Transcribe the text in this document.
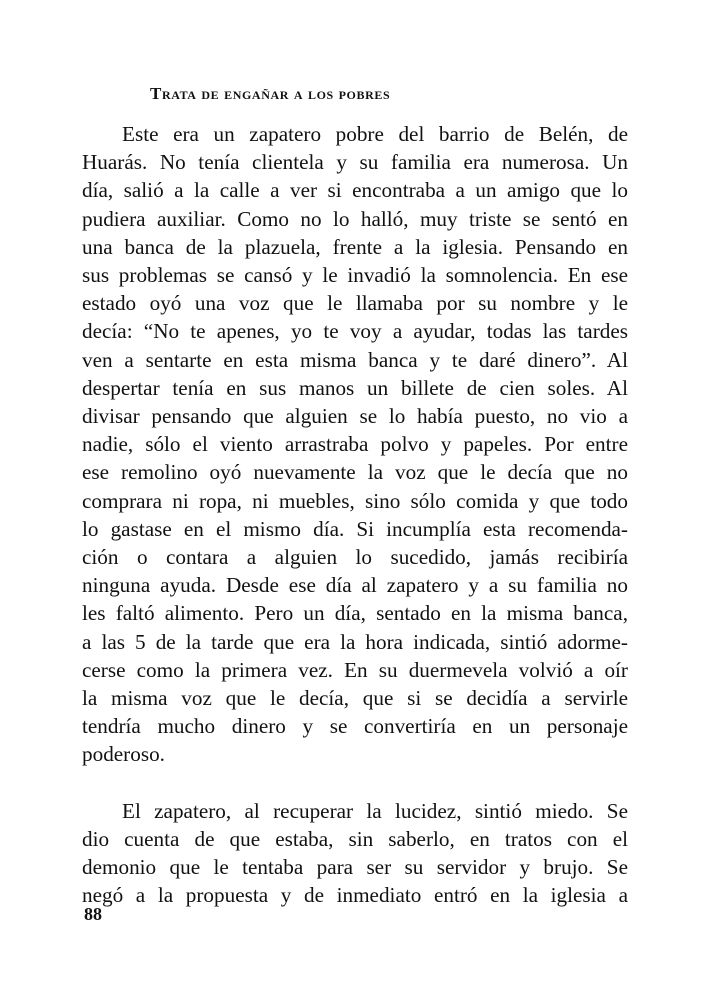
Trata de engañar a los pobres
Este era un zapatero pobre del barrio de Belén, de
Huarás. No tenía clientela y su familia era numerosa. Un
día, salió a la calle a ver si encontraba a un amigo que lo
pudiera auxiliar. Como no lo halló, muy triste se sentó en
una banca de la plazuela, frente a la iglesia. Pensando en
sus problemas se cansó y le invadió la somnolencia. En ese
estado oyó una voz que le llamaba por su nombre y le
decía: “No te apenes, yo te voy a ayudar, todas las tardes
ven a sentarte en esta misma banca y te daré dinero”. Al
despertar tenía en sus manos un billete de cien soles. Al
divisar pensando que alguien se lo había puesto, no vio a
nadie, sólo el viento arrastraba polvo y papeles. Por entre
ese remolino oyó nuevamente la voz que le decía que no
comprara ni ropa, ni muebles, sino sólo comida y que todo
lo gastase en el mismo día. Si incumplía esta recomenda-
ción o contara a alguien lo sucedido, jamás recibiría
ninguna ayuda. Desde ese día al zapatero y a su familia no
les faltó alimento. Pero un día, sentado en la misma banca,
a las 5 de la tarde que era la hora indicada, sintió adorme-
cerse como la primera vez. En su duermevela volvió a oír
la misma voz que le decía, que si se decidía a servirle
tendría mucho dinero y se convertiría en un personaje
poderoso.
El zapatero, al recuperar la lucidez, sintió miedo. Se
dio cuenta de que estaba, sin saberlo, en tratos con el
demonio que le tentaba para ser su servidor y brujo. Se
negó a la propuesta y de inmediato entró en la iglesia a
88
